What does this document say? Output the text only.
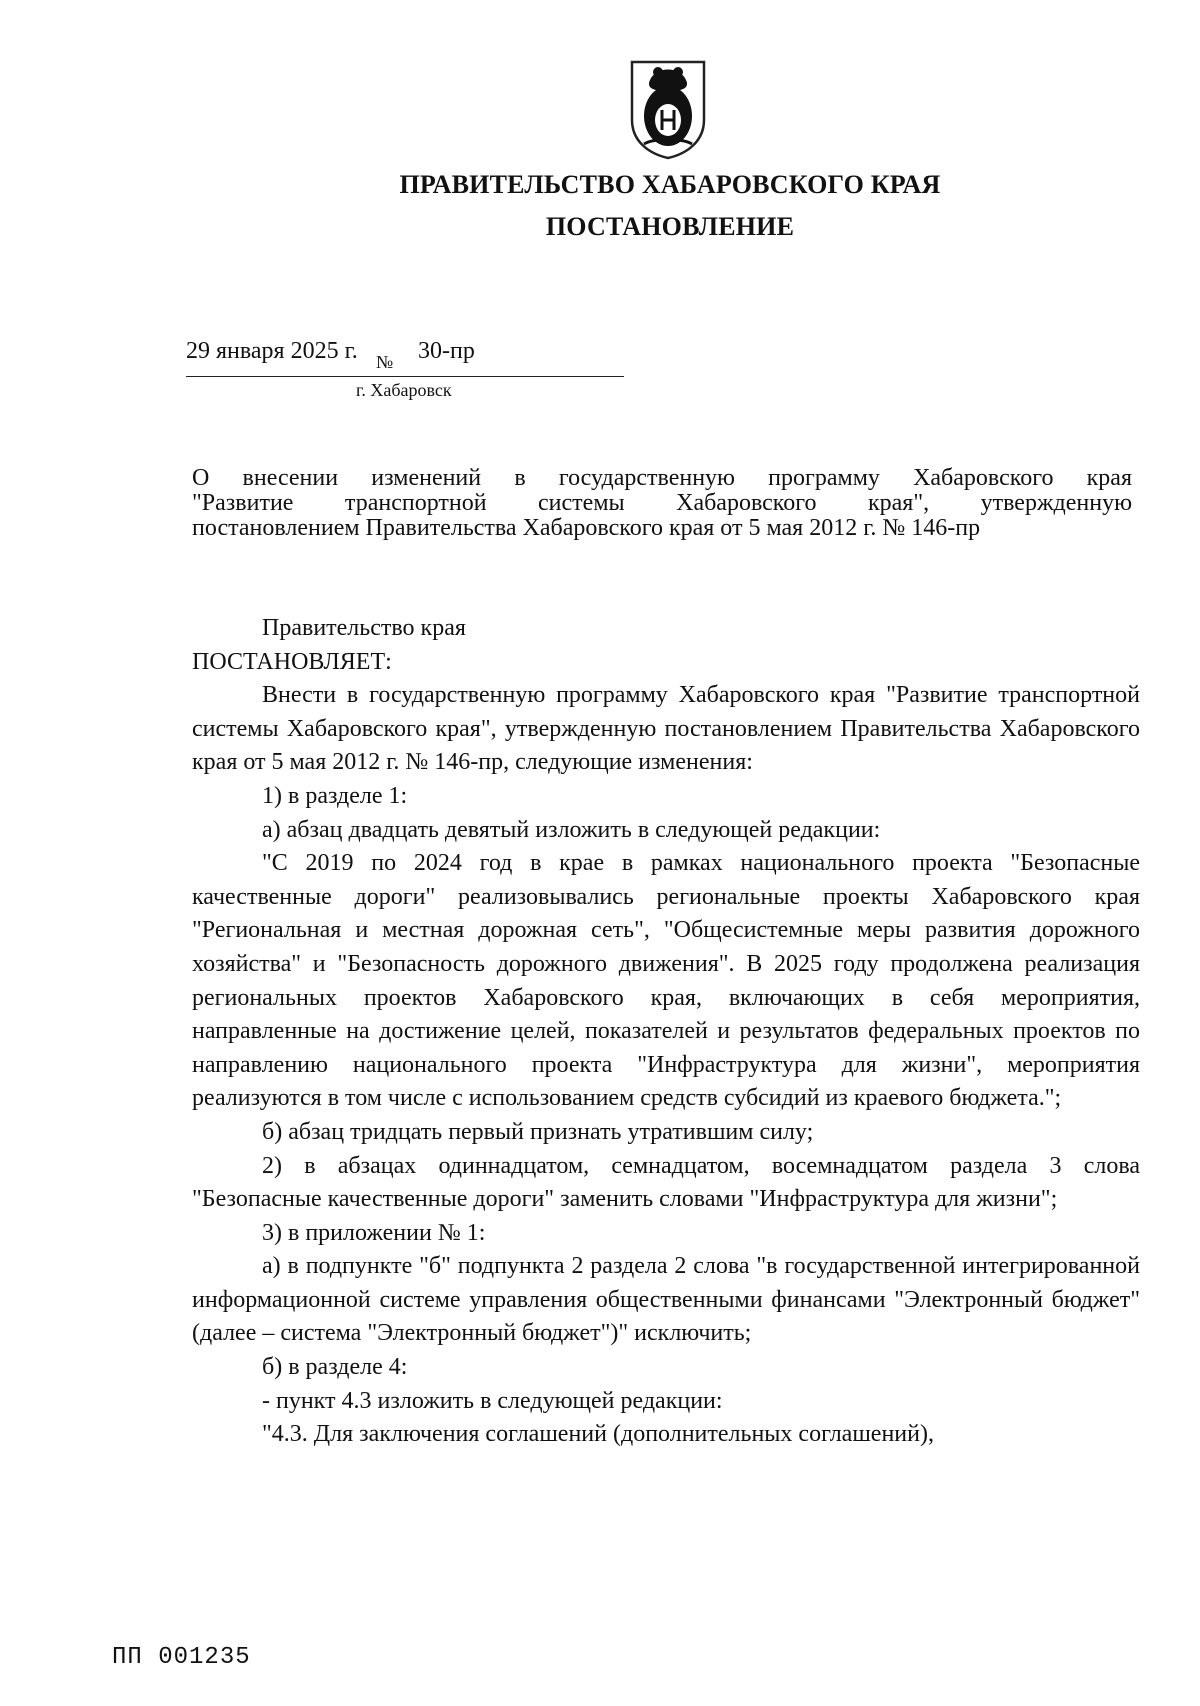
ПРАВИТЕЛЬСТВО ХАБАРОВСКОГО КРАЯ
ПОСТАНОВЛЕНИЕ
29 января 2025 г. № 30-пр
г. Хабаровск
О внесении изменений в государственную программу Хабаровского края
"Развитие транспортной системы Хабаровского края", утвержденную
постановлением Правительства Хабаровского края от 5 мая 2012 г. № 146-пр

Правительство края

ПОСТАНОВЛЯЕТ:

Внести в государственную программу Хабаровского края "Развитие транспортной системы Хабаровского края", утвержденную постановлением Правительства Хабаровского края от 5 мая 2012 г. № 146-пр, следующие изменения:

1) в разделе 1:

а) абзац двадцать девятый изложить в следующей редакции:

"С 2019 по 2024 год в крае в рамках национального проекта "Безопасные качественные дороги" реализовывались региональные проекты Хабаровского края "Региональная и местная дорожная сеть", "Общесистемные меры развития дорожного хозяйства" и "Безопасность дорожного движения". В 2025 году продолжена реализация региональных проектов Хабаровского края, включающих в себя мероприятия, направленные на достижение целей, показателей и результатов федеральных проектов по направлению национального проекта "Инфраструктура для жизни", мероприятия реализуются в том числе с использованием средств субсидий из краевого бюджета.";

б) абзац тридцать первый признать утратившим силу;

2) в абзацах одиннадцатом, семнадцатом, восемнадцатом раздела 3 слова "Безопасные качественные дороги" заменить словами "Инфраструктура для жизни";

3) в приложении № 1:

а) в подпункте "б" подпункта 2 раздела 2 слова "в государственной интегрированной информационной системе управления общественными финансами "Электронный бюджет" (далее – система "Электронный бюджет")" исключить;

б) в разделе 4:

- пункт 4.3 изложить в следующей редакции:

"4.3. Для заключения соглашений (дополнительных соглашений),

ПП 001235
